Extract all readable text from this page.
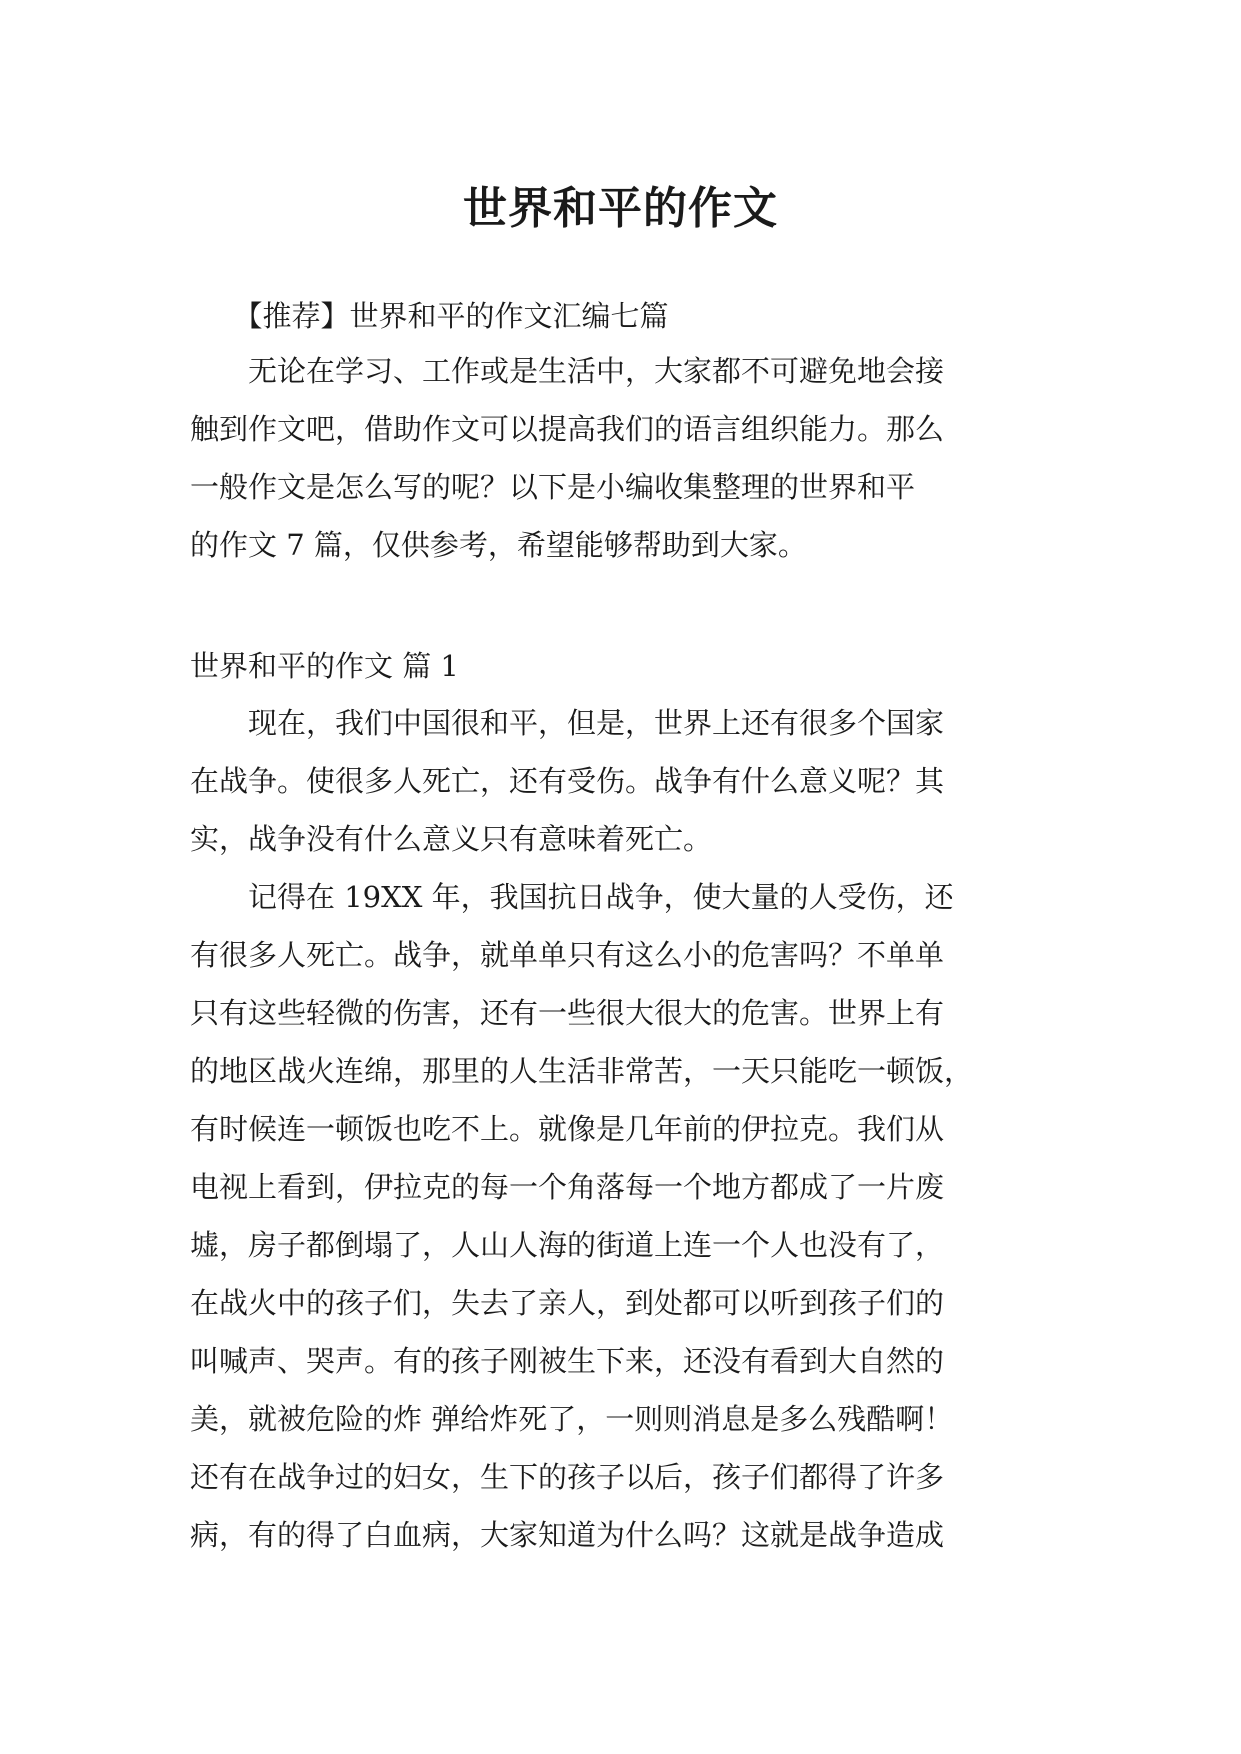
世界和平的作文

　　【推荐】世界和平的作文汇编七篇

　　无论在学习、工作或是生活中，大家都不可避免地会接

触到作文吧，借助作文可以提高我们的语言组织能力。那么

一般作文是怎么写的呢？以下是小编收集整理的世界和平

的作文 7 篇，仅供参考，希望能够帮助到大家。

世界和平的作文 篇 1

　　现在，我们中国很和平，但是，世界上还有很多个国家

在战争。使很多人死亡，还有受伤。战争有什么意义呢？其

实，战争没有什么意义只有意味着死亡。

　　记得在 19XX 年，我国抗日战争，使大量的人受伤，还

有很多人死亡。战争，就单单只有这么小的危害吗？不单单

只有这些轻微的伤害，还有一些很大很大的危害。世界上有

的地区战火连绵，那里的人生活非常苦，一天只能吃一顿饭，

有时候连一顿饭也吃不上。就像是几年前的伊拉克。我们从

电视上看到，伊拉克的每一个角落每一个地方都成了一片废

墟，房子都倒塌了，人山人海的街道上连一个人也没有了，

在战火中的孩子们，失去了亲人，到处都可以听到孩子们的

叫喊声、哭声。有的孩子刚被生下来，还没有看到大自然的

美，就被危险的炸 弹给炸死了，一则则消息是多么残酷啊！

还有在战争过的妇女，生下的孩子以后，孩子们都得了许多

病，有的得了白血病，大家知道为什么吗？这就是战争造成
